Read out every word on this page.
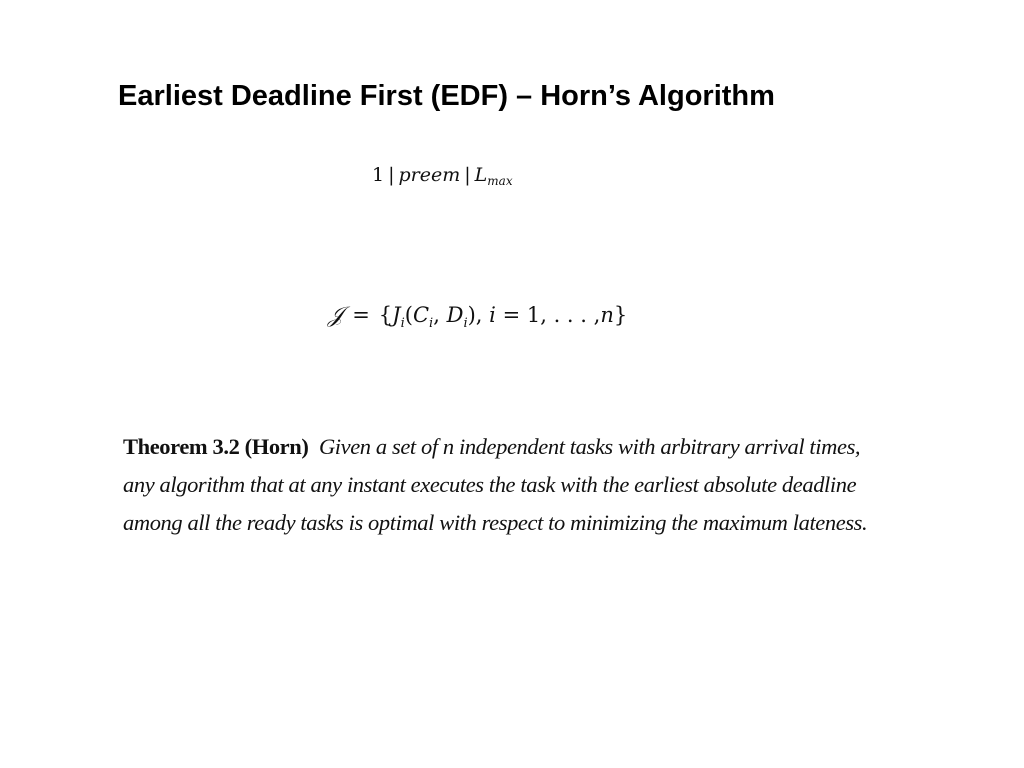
Earliest Deadline First (EDF) – Horn’s Algorithm
1 | preem | $L_{max}$
𝒥 = {$J_i(C_i$, $D_i$), i = 1, . . . ,n}
Theorem 3.2 (Horn) Given a set of n independent tasks with arbitrary arrival times,
any algorithm that at any instant executes the task with the earliest absolute deadline
among all the ready tasks is optimal with respect to minimizing the maximum lateness.
